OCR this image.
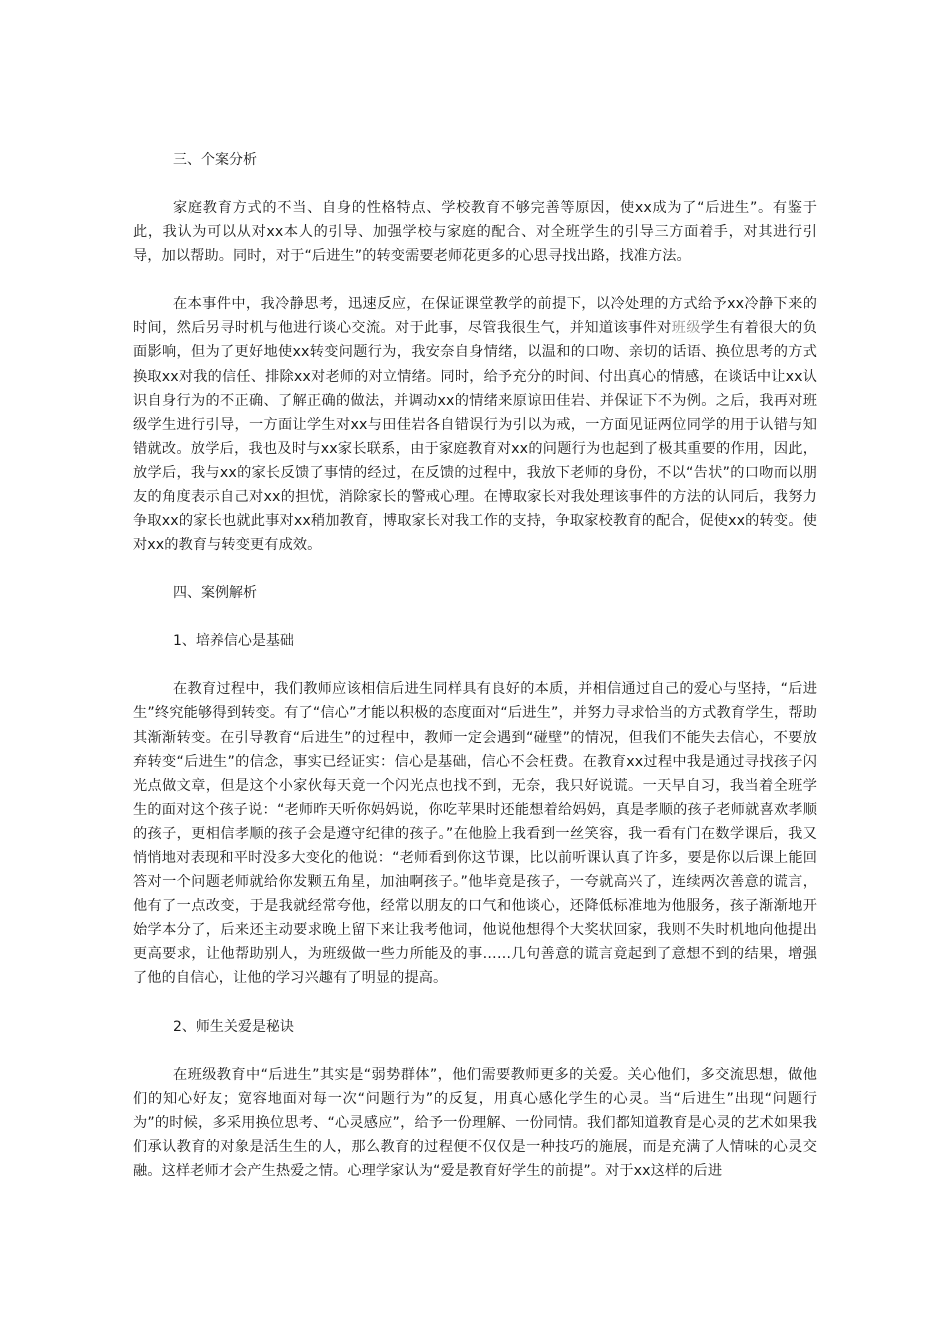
三、个案分析

家庭教育方式的不当、自身的性格特点、学校教育不够完善等原因，使xx成为了“后进生”。有鉴于此，我认为可以从对xx本人的引导、加强学校与家庭的配合、对全班学生的引导三方面着手，对其进行引导，加以帮助。同时，对于“后进生”的转变需要老师花更多的心思寻找出路，找准方法。

在本事件中，我冷静思考，迅速反应，在保证课堂教学的前提下，以冷处理的方式给予xx冷静下来的时间，然后另寻时机与他进行谈心交流。对于此事，尽管我很生气，并知道该事件对班级学生有着很大的负面影响，但为了更好地使xx转变问题行为，我安奈自身情绪，以温和的口吻、亲切的话语、换位思考的方式换取xx对我的信任、排除xx对老师的对立情绪。同时，给予充分的时间、付出真心的情感，在谈话中让xx认识自身行为的不正确、了解正确的做法，并调动xx的情绪来原谅田佳岩、并保证下不为例。之后，我再对班级学生进行引导，一方面让学生对xx与田佳岩各自错误行为引以为戒，一方面见证两位同学的用于认错与知错就改。放学后，我也及时与xx家长联系，由于家庭教育对xx的问题行为也起到了极其重要的作用，因此，放学后，我与xx的家长反馈了事情的经过，在反馈的过程中，我放下老师的身份，不以“告状”的口吻而以朋友的角度表示自己对xx的担忧，消除家长的警戒心理。在博取家长对我处理该事件的方法的认同后，我努力争取xx的家长也就此事对xx稍加教育，博取家长对我工作的支持，争取家校教育的配合，促使xx的转变。使对xx的教育与转变更有成效。

四、案例解析
1、培养信心是基础

在教育过程中，我们教师应该相信后进生同样具有良好的本质，并相信通过自己的爱心与坚持，“后进生”终究能够得到转变。有了“信心”才能以积极的态度面对“后进生”，并努力寻求恰当的方式教育学生，帮助其渐渐转变。在引导教育“后进生”的过程中，教师一定会遇到“碰壁”的情况，但我们不能失去信心，不要放弃转变“后进生”的信念，事实已经证实：信心是基础，信心不会枉费。在教育xx过程中我是通过寻找孩子闪光点做文章，但是这个小家伙每天竟一个闪光点也找不到，无奈，我只好说谎。一天早自习，我当着全班学生的面对这个孩子说：“老师昨天听你妈妈说，你吃苹果时还能想着给妈妈，真是孝顺的孩子老师就喜欢孝顺的孩子，更相信孝顺的孩子会是遵守纪律的孩子。”在他脸上我看到一丝笑容，我一看有门在数学课后，我又悄悄地对表现和平时没多大变化的他说：“老师看到你这节课，比以前听课认真了许多，要是你以后课上能回答对一个问题老师就给你发颗五角星，加油啊孩子。”他毕竟是孩子，一夸就高兴了，连续两次善意的谎言，他有了一点改变，于是我就经常夸他，经常以朋友的口气和他谈心，还降低标准地为他服务，孩子渐渐地开始学本分了，后来还主动要求晚上留下来让我考他词，他说他想得个大奖状回家，我则不失时机地向他提出更高要求，让他帮助别人，为班级做一些力所能及的事……几句善意的谎言竟起到了意想不到的结果，增强了他的自信心，让他的学习兴趣有了明显的提高。

2、师生关爱是秘诀

在班级教育中“后进生”其实是“弱势群体”，他们需要教师更多的关爱。关心他们，多交流思想，做他们的知心好友；宽容地面对每一次“问题行为”的反复，用真心感化学生的心灵。当“后进生”出现“问题行为”的时候，多采用换位思考、“心灵感应”，给予一份理解、一份同情。我们都知道教育是心灵的艺术如果我们承认教育的对象是活生生的人，那么教育的过程便不仅仅是一种技巧的施展，而是充满了人情味的心灵交融。这样老师才会产生热爱之情。心理学家认为“爱是教育好学生的前提”。对于xx这样的后进
